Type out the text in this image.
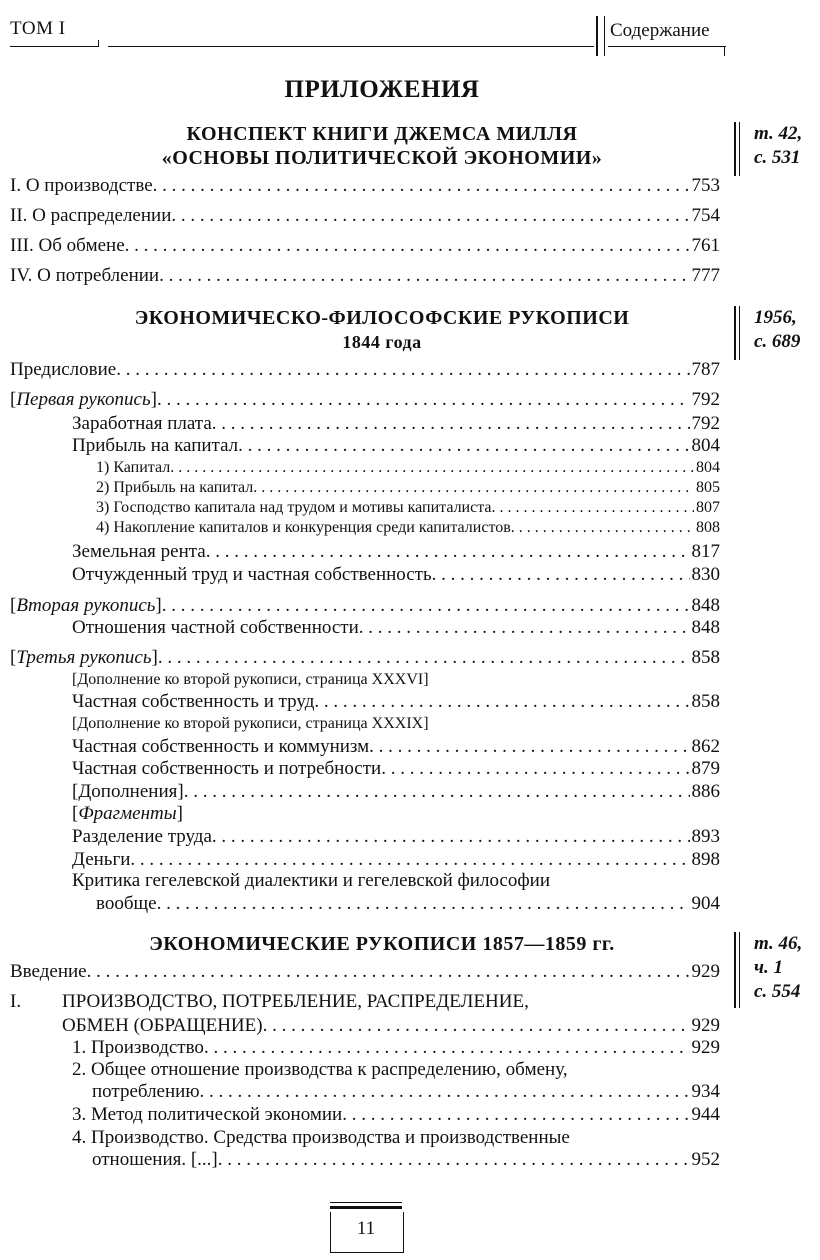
ТОМ I	Содержание
ПРИЛОЖЕНИЯ
КОНСПЕКТ КНИГИ ДЖЕМСА МИЛЛЯ
«ОСНОВЫ ПОЛИТИЧЕСКОЙ ЭКОНОМИИ»
т. 42,
с. 531
I. О производстве . . .	753
II. О распределении . . .	754
III. Об обмене . . .	761
IV. О потреблении . . .	777
ЭКОНОМИЧЕСКО-ФИЛОСОФСКИЕ РУКОПИСИ
1844 года
1956,
с. 689
Предисловие . . .	787
[Первая рукопись] . . .	792
Заработная плата . . .	792
Прибыль на капитал . . .	804
1) Капитал . . .	804
2) Прибыль на капитал . . .	805
3) Господство капитала над трудом и мотивы капиталиста . . .	807
4) Накопление капиталов и конкуренция среди капиталистов . . .	808
Земельная рента . . .	817
Отчужденный труд и частная собственность . . .	830
[Вторая рукопись] . . .	848
Отношения частной собственности . . .	848
[Третья рукопись] . . .	858
[Дополнение ко второй рукописи, страница XXXVI]
Частная собственность и труд . . .	858
[Дополнение ко второй рукописи, страница XXXIX]
Частная собственность и коммунизм . . .	862
Частная собственность и потребности . . .	879
[Дополнения] . . .	886
[Фрагменты]
Разделение труда . . .	893
Деньги . . .	898
Критика гегелевской диалектики и гегелевской философии
вообще . . .	904
ЭКОНОМИЧЕСКИЕ РУКОПИСИ 1857—1859 гг.	т. 46,
ч. 1
с. 554
Введение . . .	929
I. ПРОИЗВОДСТВО, ПОТРЕБЛЕНИЕ, РАСПРЕДЕЛЕНИЕ,
ОБМЕН (ОБРАЩЕНИЕ) . . .	929
1. Производство . . .	929
2. Общее отношение производства к распределению, обмену,
потреблению . . .	934
3. Метод политической экономии . . .	944
4. Производство. Средства производства и производственные
отношения. [...] . . .	952
11
